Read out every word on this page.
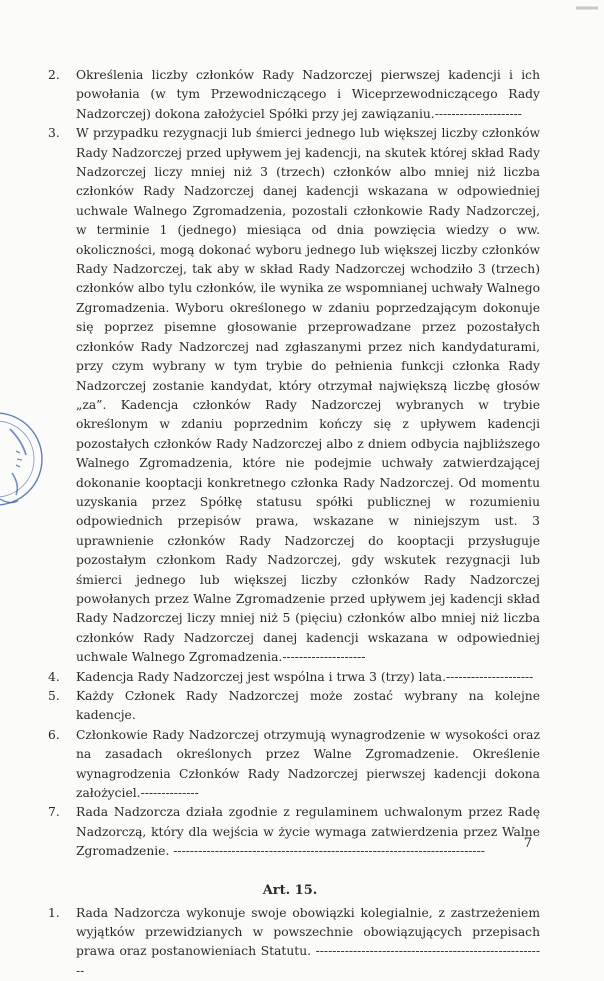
2.	Określenia liczby członków Rady Nadzorczej pierwszej kadencji i ich powołania (w tym Przewodniczącego i Wiceprzewodniczącego Rady Nadzorczej) dokona założyciel Spółki przy jej zawiązaniu.---------------------
3.	W przypadku rezygnacji lub śmierci jednego lub większej liczby członków Rady Nadzorczej przed upływem jej kadencji, na skutek której skład Rady Nadzorczej liczy mniej niż 3 (trzech) członków albo mniej niż liczba członków Rady Nadzorczej danej kadencji wskazana w odpowiedniej uchwale Walnego Zgromadzenia, pozostali członkowie Rady Nadzorczej, w terminie 1 (jednego) miesiąca od dnia powzięcia wiedzy o ww. okoliczności, mogą dokonać wyboru jednego lub większej liczby członków Rady Nadzorczej, tak aby w skład Rady Nadzorczej wchodziło 3 (trzech) członków albo tylu członków, ile wynika ze wspomnianej uchwały Walnego Zgromadzenia. Wyboru określonego w zdaniu poprzedzającym dokonuje się poprzez pisemne głosowanie przeprowadzane przez pozostałych członków Rady Nadzorczej nad zgłaszanymi przez nich kandydaturami, przy czym wybrany w tym trybie do pełnienia funkcji członka Rady Nadzorczej zostanie kandydat, który otrzymał największą liczbę głosów „za”. Kadencja członków Rady Nadzorczej wybranych w trybie określonym w zdaniu poprzednim kończy się z upływem kadencji pozostałych członków Rady Nadzorczej albo z dniem odbycia najbliższego Walnego Zgromadzenia, które nie podejmie uchwały zatwierdzającej dokonanie kooptacji konkretnego członka Rady Nadzorczej. Od momentu uzyskania przez Spółkę statusu spółki publicznej w rozumieniu odpowiednich przepisów prawa, wskazane w niniejszym ust. 3 uprawnienie członków Rady Nadzorczej do kooptacji przysługuje pozostałym członkom Rady Nadzorczej, gdy wskutek rezygnacji lub śmierci jednego lub większej liczby członków Rady Nadzorczej powołanych przez Walne Zgromadzenie przed upływem jej kadencji skład Rady Nadzorczej liczy mniej niż 5 (pięciu) członków albo mniej niż liczba członków Rady Nadzorczej danej kadencji wskazana w odpowiedniej uchwale Walnego Zgromadzenia.--------------------
4.	Kadencja Rady Nadzorczej jest wspólna i trwa 3 (trzy) lata.---------------------
5.	Każdy Członek Rady Nadzorczej może zostać wybrany na kolejne kadencje.
6.	Członkowie Rady Nadzorczej otrzymują wynagrodzenie w wysokości oraz na zasadach określonych przez Walne Zgromadzenie. Określenie wynagrodzenia Członków Rady Nadzorczej pierwszej kadencji dokona założyciel.--------------
7.	Rada Nadzorcza działa zgodnie z regulaminem uchwalonym przez Radę Nadzorczą, który dla wejścia w życie wymaga zatwierdzenia przez Walne Zgromadzenie. ---------------------------------------------------------------------------
Art. 15.
1.	Rada Nadzorcza wykonuje swoje obowiązki kolegialnie, z zastrzeżeniem wyjątków przewidzianych w powszechnie obowiązujących przepisach prawa oraz postanowieniach Statutu. --------------------------------------------------------
7
